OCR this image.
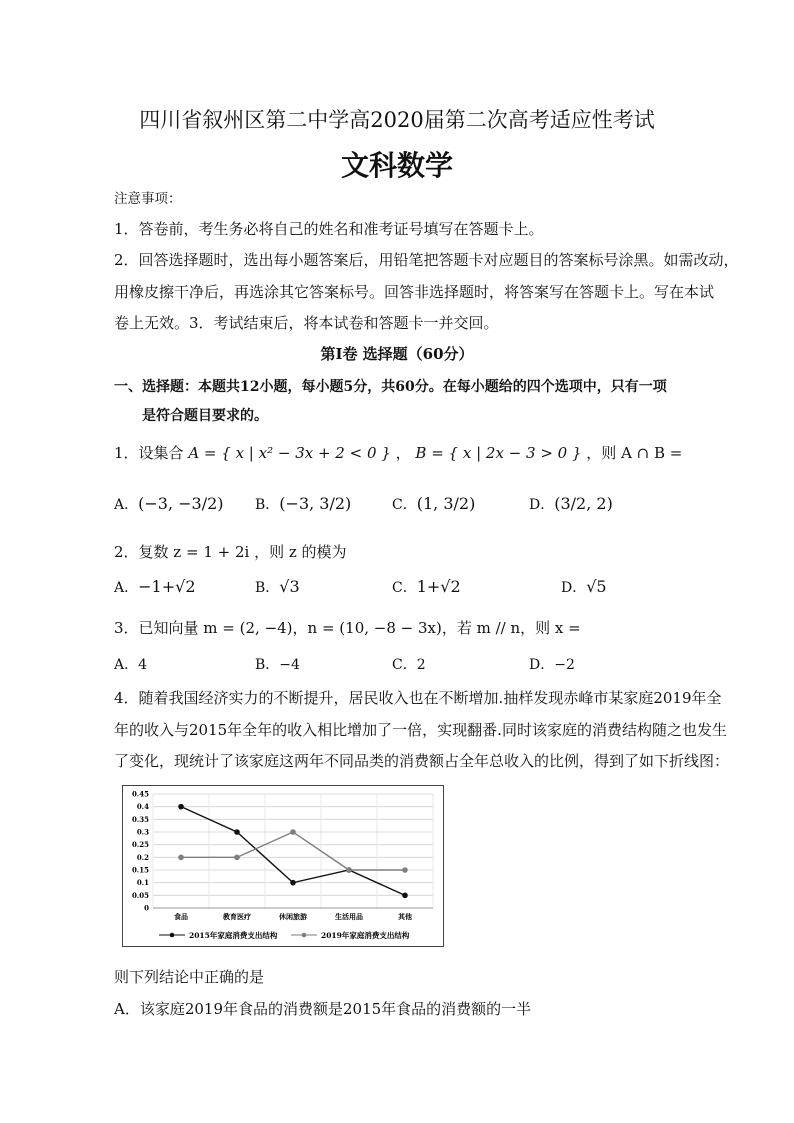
四川省叙州区第二中学高2020届第二次高考适应性考试
文科数学
注意事项：
1．答卷前，考生务必将自己的姓名和准考证号填写在答题卡上。
2．回答选择题时，选出每小题答案后，用铅笔把答题卡对应题目的答案标号涂黑。如需改动，
用橡皮擦干净后，再选涂其它答案标号。回答非选择题时，将答案写在答题卡上。写在本试
卷上无效。3．考试结束后，将本试卷和答题卡一并交回。
第Ⅰ卷 选择题（60分）
一、选择题：本题共12小题，每小题5分，共60分。在每小题给的四个选项中，只有一项
是符合题目要求的。
1．设集合 A = { x | x² − 3x + 2 < 0 } ， B = { x | 2x − 3 > 0 } ，则 A ∩ B =
A．(−3, −3/2) B．(−3, 3/2)	C．(1, 3/2)	D．(3/2, 2)
2．复数 z = 1 + 2i ，则 z 的模为
A．−1+√2	B．√3	C．1+√2	D．√5
3．已知向量 m = (2, −4)，n = (10, −8 − 3x)，若 m // n，则 x =
A．4	B．−4	C．2	D．−2
4．随着我国经济实力的不断提升，居民收入也在不断增加.抽样发现赤峰市某家庭2019年全
年的收入与2015年全年的收入相比增加了一倍，实现翻番.同时该家庭的消费结构随之也发生
了变化，现统计了该家庭这两年不同品类的消费额占全年总收入的比例，得到了如下折线图：
0
0.05
0.1
0.15
0.2
0.25
0.3
0.35
0.4
0.45
食品	教育医疗	休闲旅游	生活用品	其他
2015年家庭消费支出结构	2019年家庭消费支出结构
则下列结论中正确的是
A．该家庭2019年食品的消费额是2015年食品的消费额的一半
